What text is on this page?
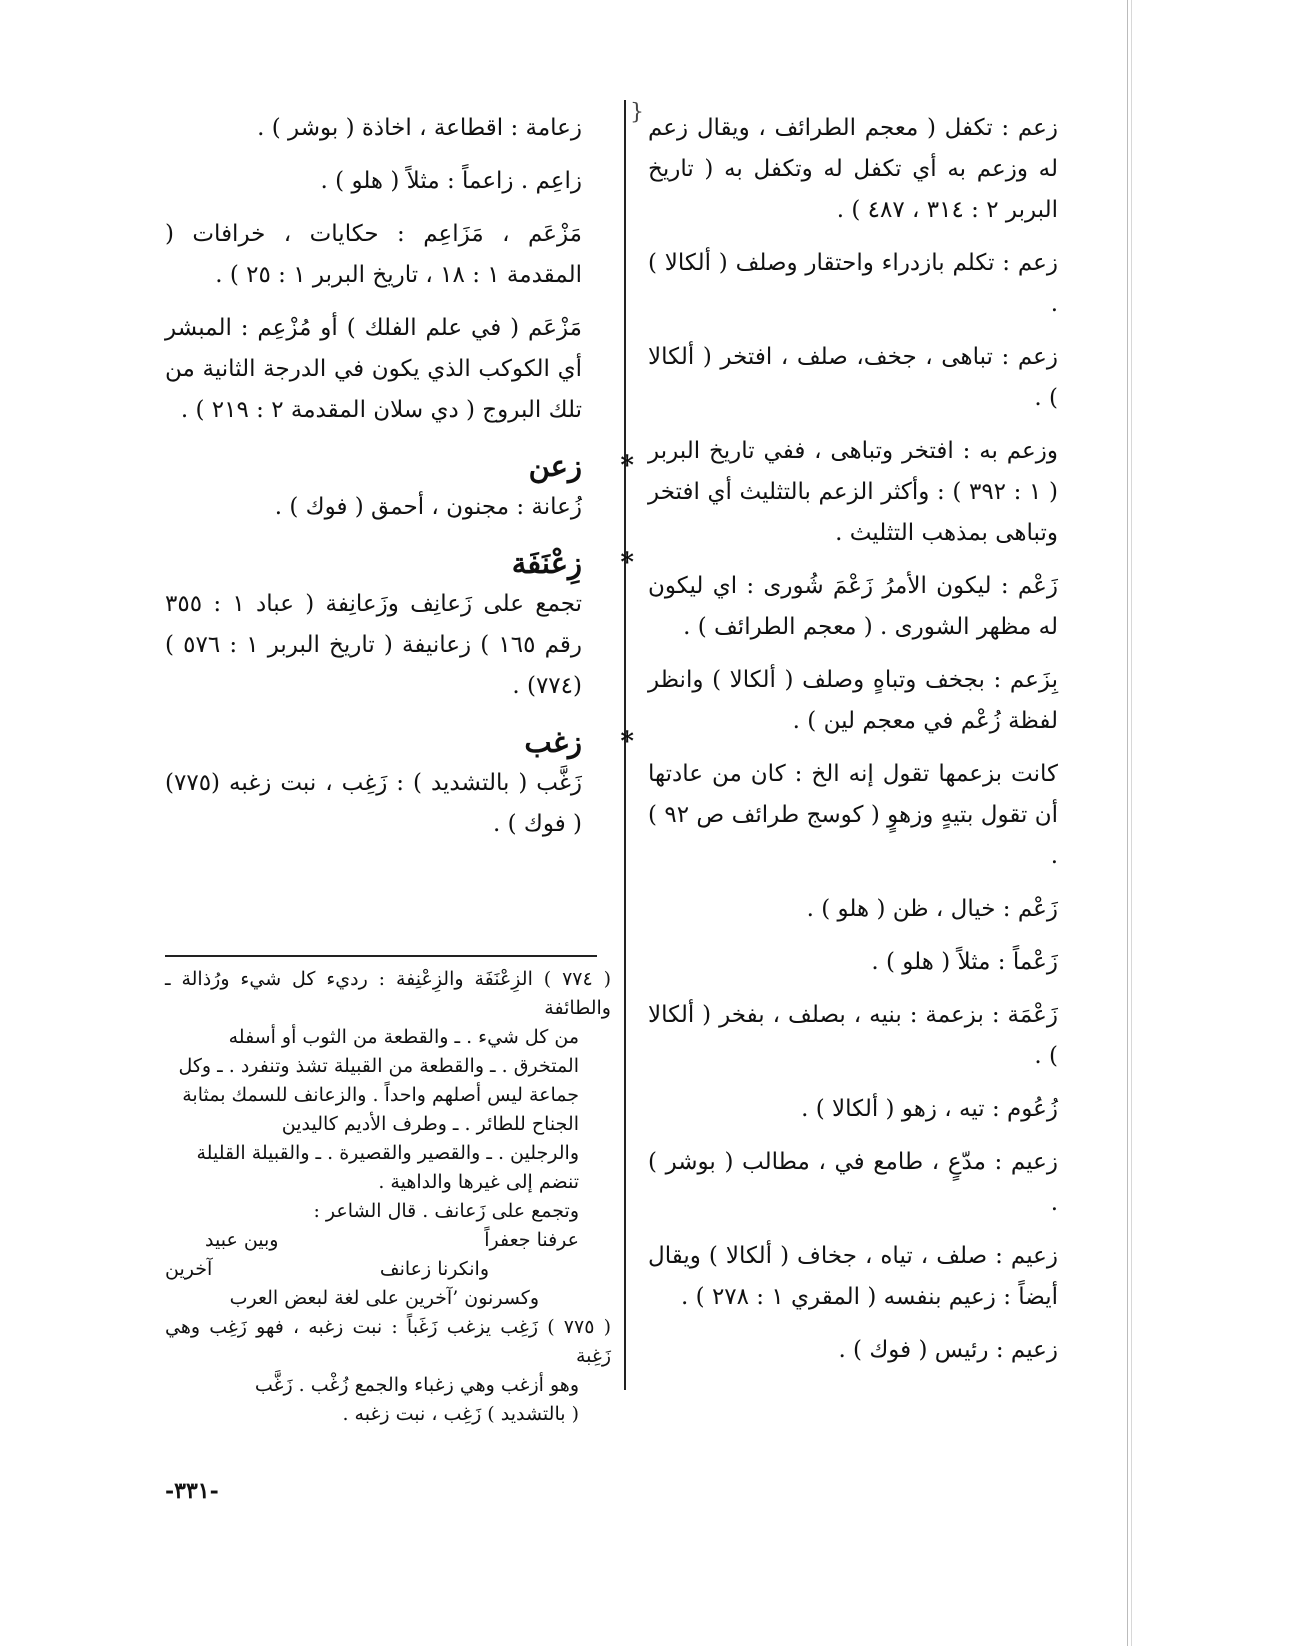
{

زعم : تكفل ( معجم الطرائف ، ويقال زعم له وزعم به أي تكفل له وتكفل به ( تاريخ البربر ٢ : ٣١٤ ، ٤٨٧ ) .

زعم : تكلم بازدراء واحتقار وصلف ( ألكالا ) .

زعم : تباهى ، جخف، صلف ، افتخر ( ألكالا ) .

وزعم به : افتخر وتباهى ، ففي تاريخ البربر ( ١ : ٣٩٢ ) : وأكثر الزعم بالتثليث أي افتخر وتباهى بمذهب التثليث .

زَعْم : ليكون الأمرُ زَعْمَ شُورى : اي ليكون له مظهر الشورى . ( معجم الطرائف ) .

بِزَعم : بجخف وتباهٍ وصلف ( ألكالا ) وانظر لفظة زُعْم في معجم لين ) .

كانت بزعمها تقول إنه الخ : كان من عادتها أن تقول بتيهٍ وزهوٍ ( كوسج طرائف ص ٩٢ ) .

زَعْم : خيال ، ظن ( هلو ) .

زَعْماً : مثلاً ( هلو ) .

زَعْمَة : بزعمة : بنيه ، بصلف ، بفخر ( ألكالا ) .

زُعُوم : تيه ، زهو ( ألكالا ) .

زعيم : مدّعٍ ، طامع في ، مطالب ( بوشر ) .

زعيم : صلف ، تياه ، جخاف ( ألكالا ) ويقال أيضاً : زعيم بنفسه ( المقري ١ : ٢٧٨ ) .

زعيم : رئيس ( فوك ) .

زعامة : اقطاعة ، اخاذة ( بوشر ) .

زاعِم . زاعماً : مثلاً ( هلو ) .

مَزْعَم ، مَزَاعِم : حكايات ، خرافات ( المقدمة ١ : ١٨ ، تاريخ البربر ١ : ٢٥ ) .

مَزْعَم ( في علم الفلك ) أو مُزْعِم : المبشر أي الكوكب الذي يكون في الدرجة الثانية من تلك البروج ( دي سلان المقدمة ٢ : ٢١٩ ) .

*
زعن

زُعانة : مجنون ، أحمق ( فوك ) .

*
زِعْنَفَة

تجمع على زَعانِف وزَعانِفة ( عباد ١ : ٣٥٥ رقم ١٦٥ ) زعانيفة ( تاريخ البربر ١ : ٥٧٦ ) (٧٧٤) .

*
زغب

زَغَّب ( بالتشديد ) : زَغِب ، نبت زغبه (٧٧٥) ( فوك ) .

( ٧٧٤ ) الزِعْنَفَة والزِعْنِفة : رديء كل شيء ورُذالة ـ والطائفة

من كل شيء . ـ والقطعة من الثوب أو أسفله

المتخرق . ـ والقطعة من القبيلة تشذ وتنفرد . ـ وكل

جماعة ليس أصلهم واحداً . والزعانف للسمك بمثابة

الجناح للطائر . ـ وطرف الأديم كاليدين

والرجلين . ـ والقصير والقصيرة . ـ والقبيلة القليلة

تنضم إلى غيرها والداهية .

وتجمع على زَعانف . قال الشاعر :

عرفنا جعفراً
وبين عبيد
وانكرنا زعانف
آخرين

وكسرنون ’آخرين على لغة لبعض العرب

( ٧٧٥ ) زَغِب يزغب زَغَباً : نبت زغبه ، فهو زَغِب وهي زَغِبة

وهو أزغب وهي زغباء والجمع زُغْب . زَغَّب

( بالتشديد ) زَغِب ، نبت زغبه .

-٣٣١-
